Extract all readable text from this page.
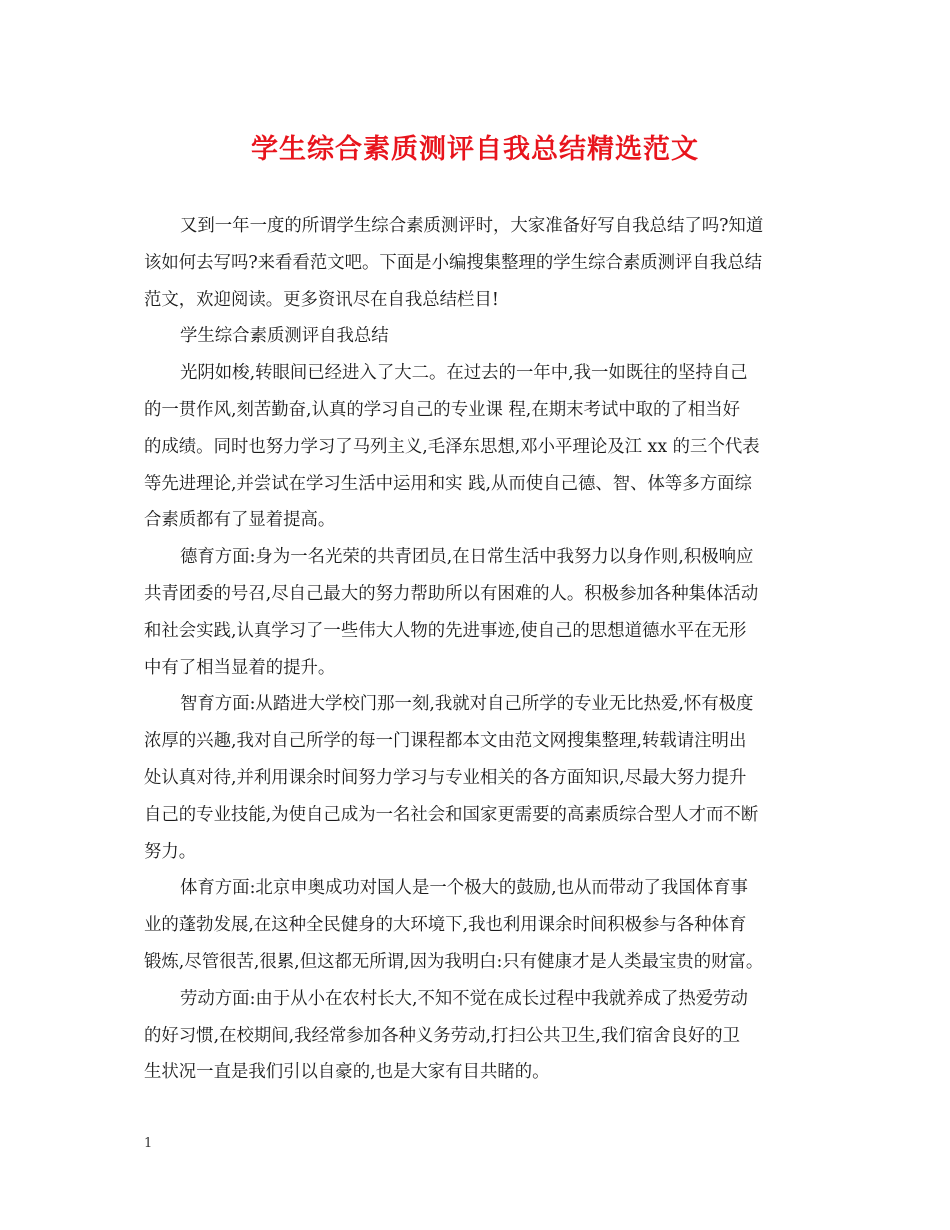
学生综合素质测评自我总结精选范文
又到一年一度的所谓学生综合素质测评时，大家准备好写自我总结了吗?知道
该如何去写吗?来看看范文吧。下面是小编搜集整理的学生综合素质测评自我总结
范文，欢迎阅读。更多资讯尽在自我总结栏目!
学生综合素质测评自我总结
光阴如梭,转眼间已经进入了大二。在过去的一年中,我一如既往的坚持自己
的一贯作风,刻苦勤奋,认真的学习自己的专业课 程,在期末考试中取的了相当好
的成绩。同时也努力学习了马列主义,毛泽东思想,邓小平理论及江 xx 的三个代表
等先进理论,并尝试在学习生活中运用和实 践,从而使自己德、智、体等多方面综
合素质都有了显着提高。
德育方面:身为一名光荣的共青团员,在日常生活中我努力以身作则,积极响应
共青团委的号召,尽自己最大的努力帮助所以有困难的人。积极参加各种集体活动
和社会实践,认真学习了一些伟大人物的先进事迹,使自己的思想道德水平在无形
中有了相当显着的提升。
智育方面:从踏进大学校门那一刻,我就对自己所学的专业无比热爱,怀有极度
浓厚的兴趣,我对自己所学的每一门课程都本文由范文网搜集整理,转载请注明出
处认真对待,并利用课余时间努力学习与专业相关的各方面知识,尽最大努力提升
自己的专业技能,为使自己成为一名社会和国家更需要的高素质综合型人才而不断
努力。
体育方面:北京申奥成功对国人是一个极大的鼓励,也从而带动了我国体育事
业的蓬勃发展,在这种全民健身的大环境下,我也利用课余时间积极参与各种体育
锻炼,尽管很苦,很累,但这都无所谓,因为我明白:只有健康才是人类最宝贵的财富。
劳动方面:由于从小在农村长大,不知不觉在成长过程中我就养成了热爱劳动
的好习惯,在校期间,我经常参加各种义务劳动,打扫公共卫生,我们宿舍良好的卫
生状况一直是我们引以自豪的,也是大家有目共睹的。
1
